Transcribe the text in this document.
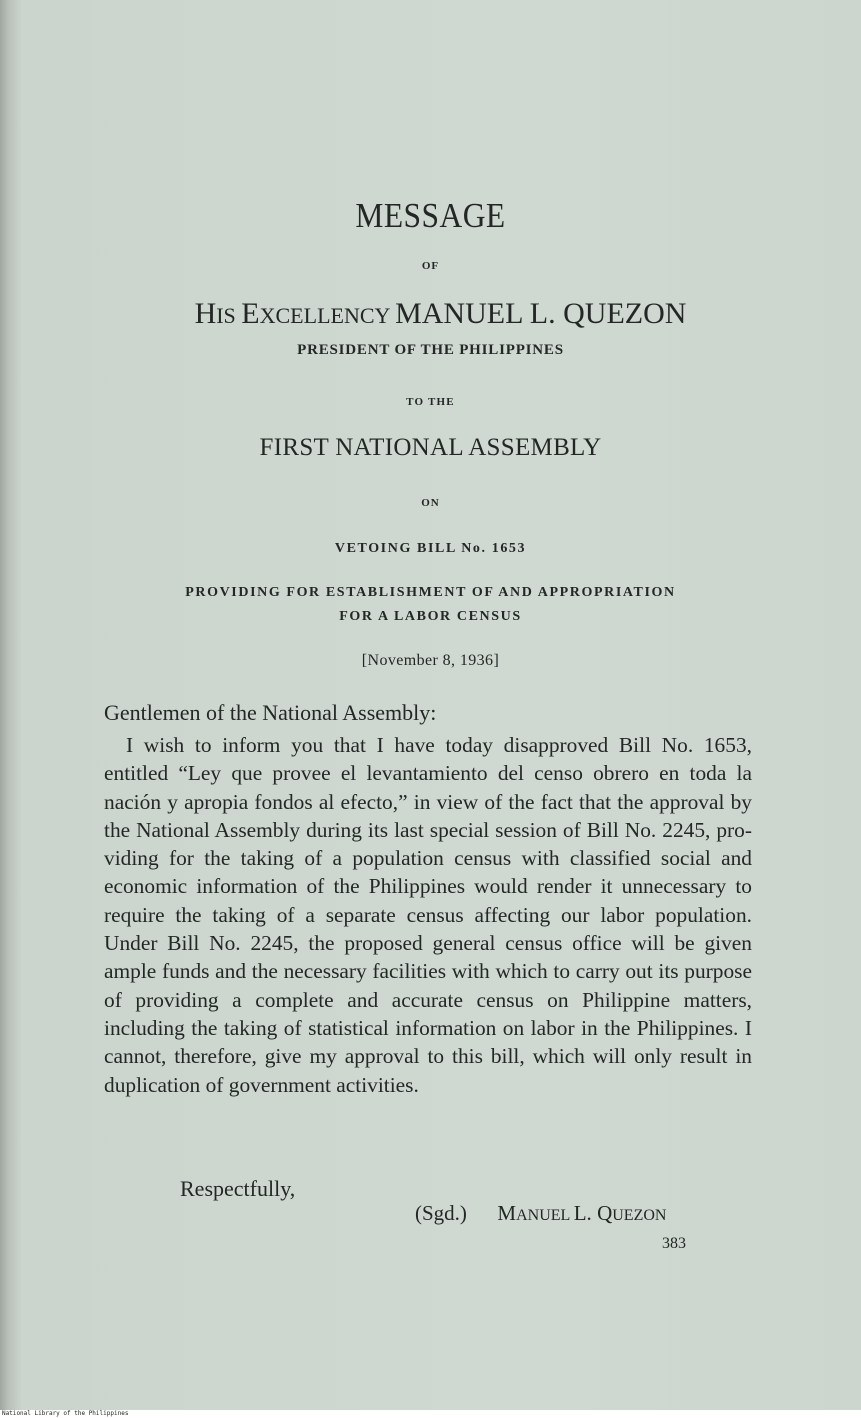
MESSAGE
OF
HIS EXCELLENCY MANUEL L. QUEZON
PRESIDENT OF THE PHILIPPINES
TO THE
FIRST NATIONAL ASSEMBLY
ON
VETOING BILL No. 1653
PROVIDING FOR ESTABLISHMENT OF AND APPROPRIATION
FOR A LABOR CENSUS
[November 8, 1936]
Gentlemen of the National Assembly:

I wish to inform you that I have today disapproved Bill No. 1653, entitled “Ley que provee el levantamiento del censo obrero en toda la nación y apropia fondos al efecto,” in view of the fact that the approval by the National Assembly during its last special session of Bill No. 2245, providing for the taking of a population census with classified social and economic information of the Philippines would render it unnecessary to require the taking of a separate census affecting our labor population. Under Bill No. 2245, the proposed general census office will be given ample funds and the necessary facilities with which to carry out its purpose of providing a complete and accurate census on Philippine matters, including the taking of statistical information on labor in the Philippines. I cannot, therefore, give my approval to this bill, which will only result in duplication of government activities.

Respectfully,
(Sgd.) MANUEL L. QUEZON
383
National Library of the Philippines
